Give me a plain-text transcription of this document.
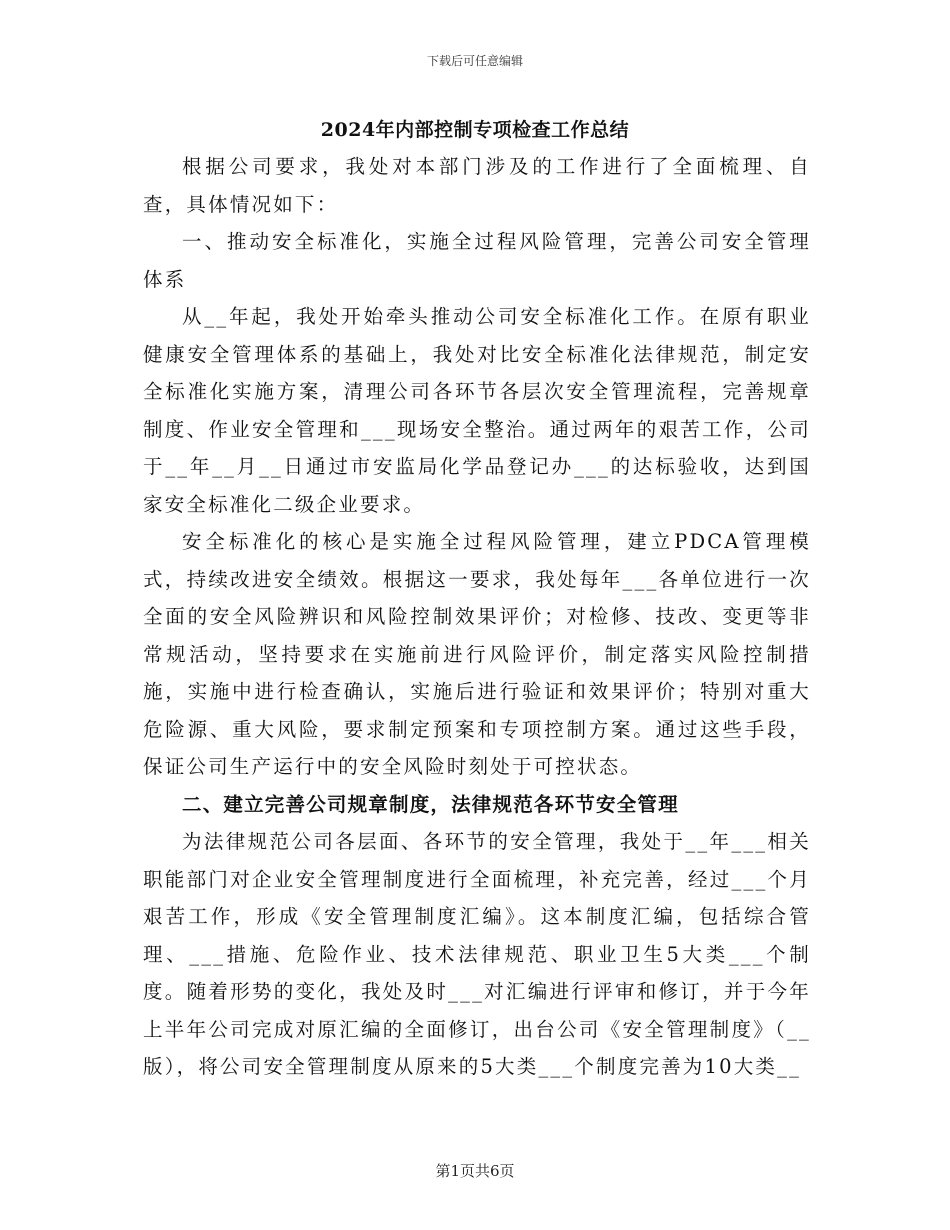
下载后可任意编辑
2024年内部控制专项检查工作总结

根据公司要求，我处对本部门涉及的工作进行了全面梳理、自查，具体情况如下：

一、推动安全标准化，实施全过程风险管理，完善公司安全管理体系

从__年起，我处开始牵头推动公司安全标准化工作。在原有职业健康安全管理体系的基础上，我处对比安全标准化法律规范，制定安全标准化实施方案，清理公司各环节各层次安全管理流程，完善规章制度、作业安全管理和___现场安全整治。通过两年的艰苦工作，公司于__年__月__日通过市安监局化学品登记办___的达标验收，达到国家安全标准化二级企业要求。

安全标准化的核心是实施全过程风险管理，建立PDCA管理模式，持续改进安全绩效。根据这一要求，我处每年___各单位进行一次全面的安全风险辨识和风险控制效果评价；对检修、技改、变更等非常规活动，坚持要求在实施前进行风险评价，制定落实风险控制措施，实施中进行检查确认，实施后进行验证和效果评价；特别对重大危险源、重大风险，要求制定预案和专项控制方案。通过这些手段，保证公司生产运行中的安全风险时刻处于可控状态。

二、建立完善公司规章制度，法律规范各环节安全管理

为法律规范公司各层面、各环节的安全管理，我处于__年___相关职能部门对企业安全管理制度进行全面梳理，补充完善，经过___个月艰苦工作，形成《安全管理制度汇编》。这本制度汇编，包括综合管理、___措施、危险作业、技术法律规范、职业卫生5大类___个制度。随着形势的变化，我处及时___对汇编进行评审和修订，并于今年上半年公司完成对原汇编的全面修订，出台公司《安全管理制度》（__版），将公司安全管理制度从原来的5大类___个制度完善为10大类__

第1页共6页
